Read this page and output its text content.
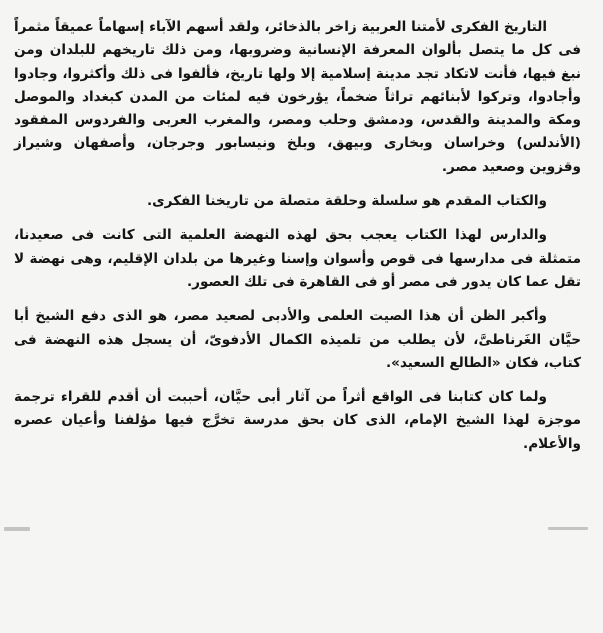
التاريخ الفكرى لأمتنا العربية زاخر بالذخائر، ولقد أسهم الآباء إسهاماً عميقاً مثمراً فى كل ما يتصل بألوان المعرفة الإنسانية وضروبها، ومن ذلك تاريخهم للبلدان ومن نبغ فيها، فأنت لاتكاد تجد مدينة إسلامية إلا ولها تاريخ، فألفوا فى ذلك وأكثروا، وجادوا وأجادوا، وتركوا لأبنائهم تراثاً ضخماً، يؤرخون فيه لمئات من المدن كبغداد والموصل ومكة والمدينة والقدس، ودمشق وحلب ومصر، والمغرب العربى والفردوس المفقود (الأندلس) وخراسان وبخارى وبيهق، وبلخ ونيسابور وجرجان، وأصفهان وشيراز وقزوين وصعيد مصر.

والكتاب المقدم هو سلسلة وحلقة متصلة من تاريخنا الفكرى.

والدارس لهذا الكتاب يعجب بحق لهذه النهضة العلمية التى كانت فى صعيدنا، متمثلة فى مدارسها فى قوص وأسوان وإسنا وغيرها من بلدان الإقليم، وهى نهضة لا تقل عما كان يدور فى مصر أو فى القاهرة فى تلك العصور.

وأكبر الظن أن هذا الصيت العلمى والأدبى لصعيد مصر، هو الذى دفع الشيخ أبا حيَّان الغَرناطىَّ، لأن يطلب من تلميذه الكمال الأدفوىّ، أن يسجل هذه النهضة فى كتاب، فكان «الطالع السعيد».

ولما كان كتابنا فى الواقع أثراً من آثار أبى حيَّان، أحببت أن أقدم للقراء ترجمة موجزة لهذا الشيخ الإمام، الذى كان بحق مدرسة تخرَّج فيها مؤلفنا وأعيان عصره والأعلام.
